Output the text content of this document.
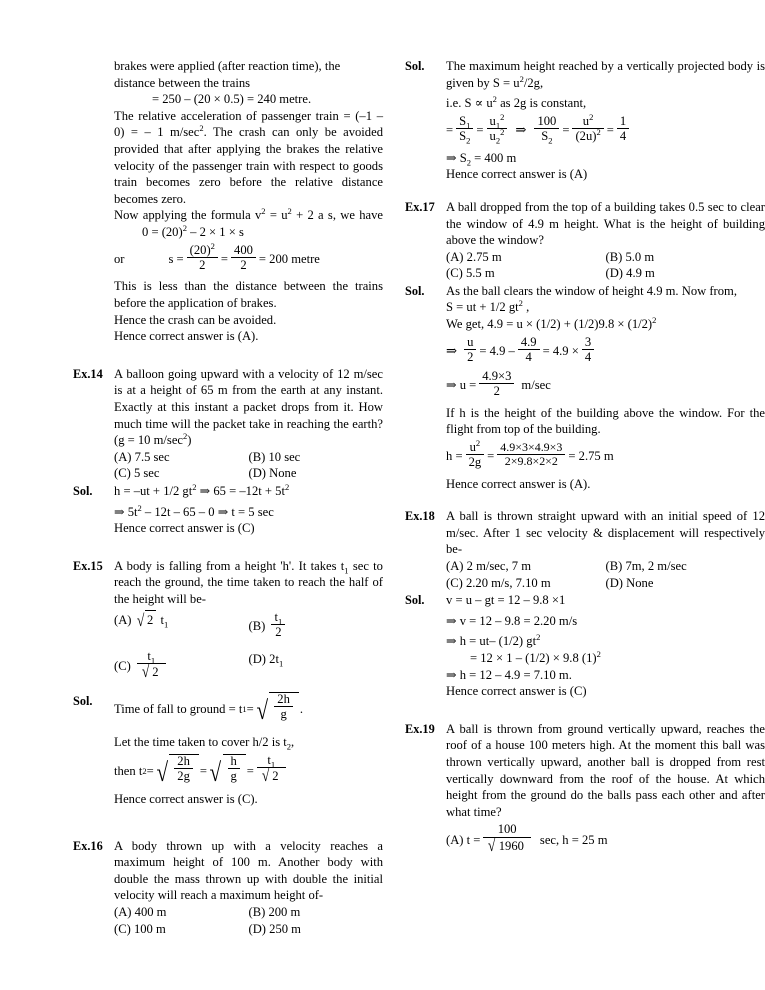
brakes were applied (after reaction time), the

distance between the trains

= 250 – (20 × 0.5) = 240 metre.

The relative acceleration of passenger train = (–1 – 0) = – 1 $m/\sec^2$. The crash can only be avoided provided that after applying the brakes the relative velocity of the passenger train with respect to goods train becomes zero before the relative distance becomes zero.

Now applying the formula $v^2 = u^2 + 2$ a s, we have $0 = (20)^2 - 2 \times 1 \times s$

or	$s = \frac{(20)^2}{2} = \frac{400}{2} = 200$ metre

This is less than the distance between the trains before the application of brakes.

Hence the crash can be avoided.

Hence correct answer is (A).

Ex.14 A balloon going upward with a velocity of 12 m/sec is at a height of 65 m from the earth at any instant. Exactly at this instant a packet drops from it. How much time will the packet take in reaching the earth? (g = 10 $m/\sec^2$)

(A) 7.5 sec	(B) 10 sec
(C) 5 sec	(D) None
Sol.	h = –ut + 1/2 $gt^2$ ⇒ $65 = -12t + 5t^2$

⇒ $5t^2 - 12t - 65 - 0$ ⇒ t = 5 sec

Hence correct answer is (C)

Ex.15 A body is falling from a height 'h'. It takes $t_1$ sec to reach the ground, the time taken to reach the half of the height will be-

(A) √ 2 $t_1$	$(B) \frac{t_1}{2}$
$(C) \frac{t_1}{√ 2}$	(D) $2t_1$
Sol.
Time of fall to ground = t 1 = √ $\frac{2h}{g}$ .

Let the time taken to cover h/2 is $t_2$,

then t 2 = √ $\frac{2h}{2g}$ = √ $\frac{h}{g} = \frac{t_1}{√ 2}$

Hence correct answer is (C).

Ex.16 A body thrown up with a velocity reaches a maximum height of 100 m. Another body with double the mass thrown up with double the initial velocity will reach a maximum height of-

(A) 400 m	(B) 200 m
(C) 100 m	(D) 250 m
Sol.	The maximum height reached by a vertically projected body is given by $S = u^2/2g$,

i.e. $S \propto u^2$ as 2g is constant,

= $\frac{S_1}{S_2} = \frac{u_1^2}{u_2^2}$ ⇒ $\frac{100}{S_2} = \frac{u^2}{(2u)^2} = \frac{1}{4}$

⇒ $S_2 = 400$ m

Hence correct answer is (A)

Ex.17 A ball dropped from the top of a building takes 0.5 sec to clear the window of 4.9 m height. What is the height of building above the window?

(A) 2.75 m	(B) 5.0 m
(C) 5.5 m	(D) 4.9 m
Sol.	As the ball clears the window of height 4.9 m. Now from,

S = ut + 1/2 $gt^2$ ,

We get, $4.9 = u \times (1/2) + (1/2)9.8 \times (1/2)^2$

⇒ $\frac{u}{2} = 4.9 - \frac{4.9}{4} = 4.9 \times \frac{3}{4}$
⇒ $u = \frac{4.9\times 3}{2} m/\sec$

If h is the height of the building above the window. For the flight from top of the building.

$h = \frac{u^2}{2g} = \frac{4.9\times 3\times 4.9\times 3}{2\times 9.8\times 2\times 2} = 2.75$ m

Hence correct answer is (A).

Ex.18 A ball is thrown straight upward with an initial speed of 12 m/sec. After 1 sec velocity & displacement will respectively be-

(A) 2 m/sec, 7 m	(B) 7m, 2 m/sec
(C) 2.20 m/s, 7.10 m	(D) None
Sol.	v = u – gt = 12 – 9.8 ×1

⇒ v = 12 – 9.8 = 2.20 m/s

⇒ h = ut– (1/2) $gt^2$

= 12 × 1 – (1/2) × 9.8 $(1)^2$

⇒ h = 12 – 4.9 = 7.10 m.

Hence correct answer is (C)

Ex.19 A ball is thrown from ground vertically upward, reaches the roof of a house 100 meters high. At the moment this ball was thrown vertically upward, another ball is dropped from rest vertically downward from the roof of the house. At which height from the ground do the balls pass each other and after what time?

(A)
$t = \frac{100}{√ 1960} \sec$, h = 25 m
